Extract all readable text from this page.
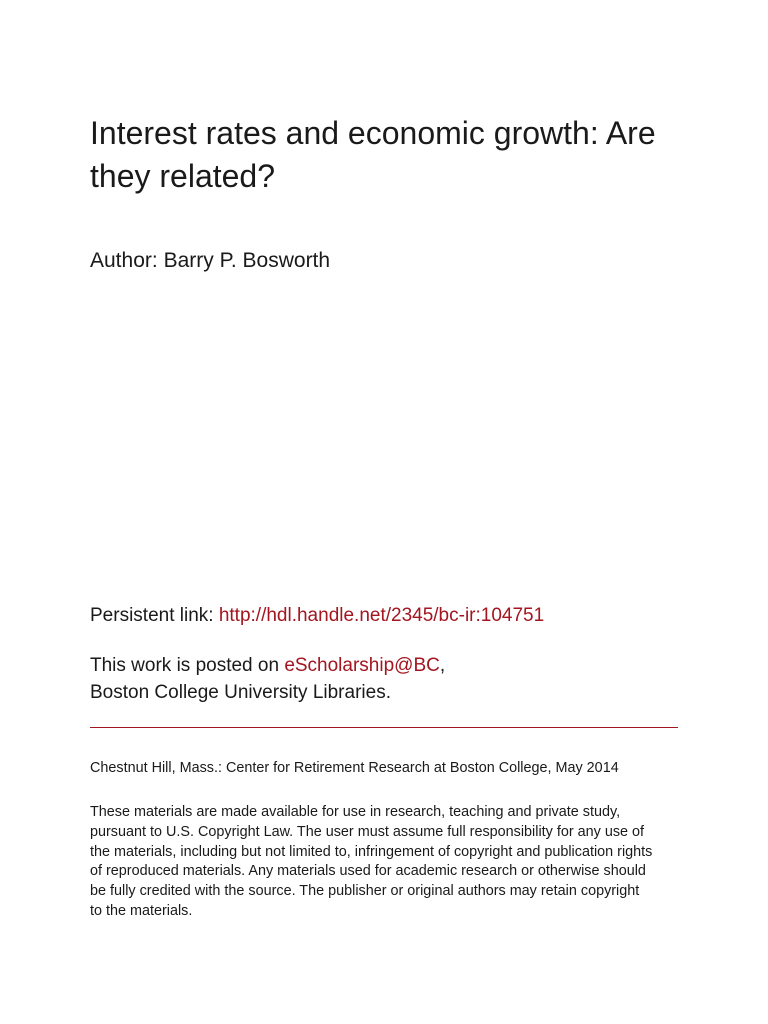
Interest rates and economic growth: Are
they related?
Author: Barry P. Bosworth
Persistent link: http://hdl.handle.net/2345/bc-ir:104751
This work is posted on eScholarship@BC,
Boston College University Libraries.
Chestnut Hill, Mass.: Center for Retirement Research at Boston College, May 2014
These materials are made available for use in research, teaching and private study,
pursuant to U.S. Copyright Law. The user must assume full responsibility for any use of
the materials, including but not limited to, infringement of copyright and publication rights
of reproduced materials. Any materials used for academic research or otherwise should
be fully credited with the source. The publisher or original authors may retain copyright
to the materials.
